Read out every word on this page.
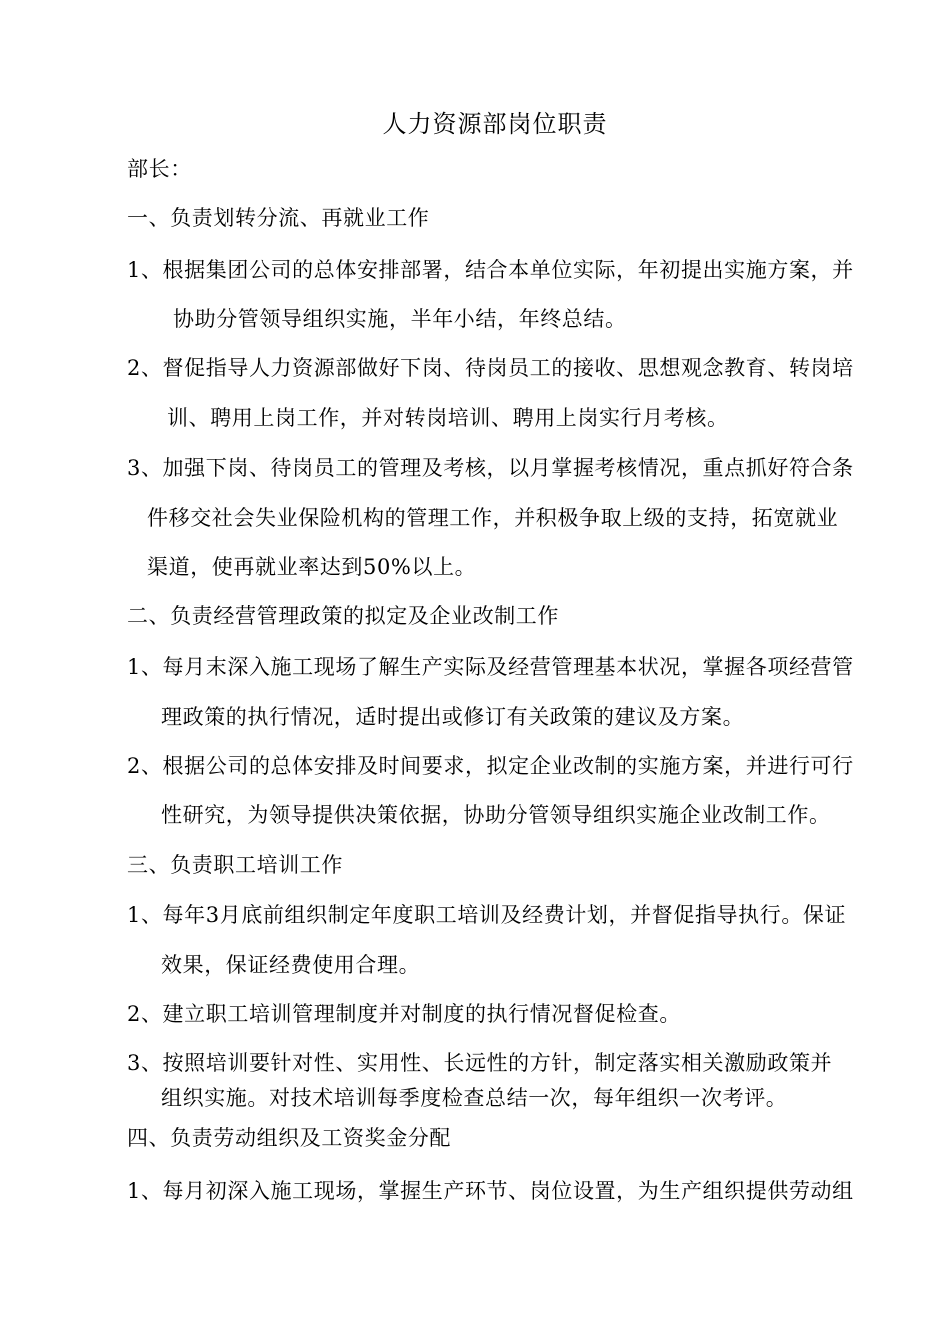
人力资源部岗位职责
部长：
一、负责划转分流、再就业工作
1、根据集团公司的总体安排部署，结合本单位实际，年初提出实施方案，并
协助分管领导组织实施，半年小结，年终总结。
2、督促指导人力资源部做好下岗、待岗员工的接收、思想观念教育、转岗培
训、聘用上岗工作，并对转岗培训、聘用上岗实行月考核。
3、加强下岗、待岗员工的管理及考核，以月掌握考核情况，重点抓好符合条
件移交社会失业保险机构的管理工作，并积极争取上级的支持，拓宽就业
渠道，使再就业率达到50%以上。
二、负责经营管理政策的拟定及企业改制工作
1、每月末深入施工现场了解生产实际及经营管理基本状况，掌握各项经营管
理政策的执行情况，适时提出或修订有关政策的建议及方案。
2、根据公司的总体安排及时间要求，拟定企业改制的实施方案，并进行可行
性研究，为领导提供决策依据，协助分管领导组织实施企业改制工作。
三、负责职工培训工作
1、每年3月底前组织制定年度职工培训及经费计划，并督促指导执行。保证
效果，保证经费使用合理。
2、建立职工培训管理制度并对制度的执行情况督促检查。
3、按照培训要针对性、实用性、长远性的方针，制定落实相关激励政策并
组织实施。对技术培训每季度检查总结一次，每年组织一次考评。
四、负责劳动组织及工资奖金分配
1、每月初深入施工现场，掌握生产环节、岗位设置，为生产组织提供劳动组
